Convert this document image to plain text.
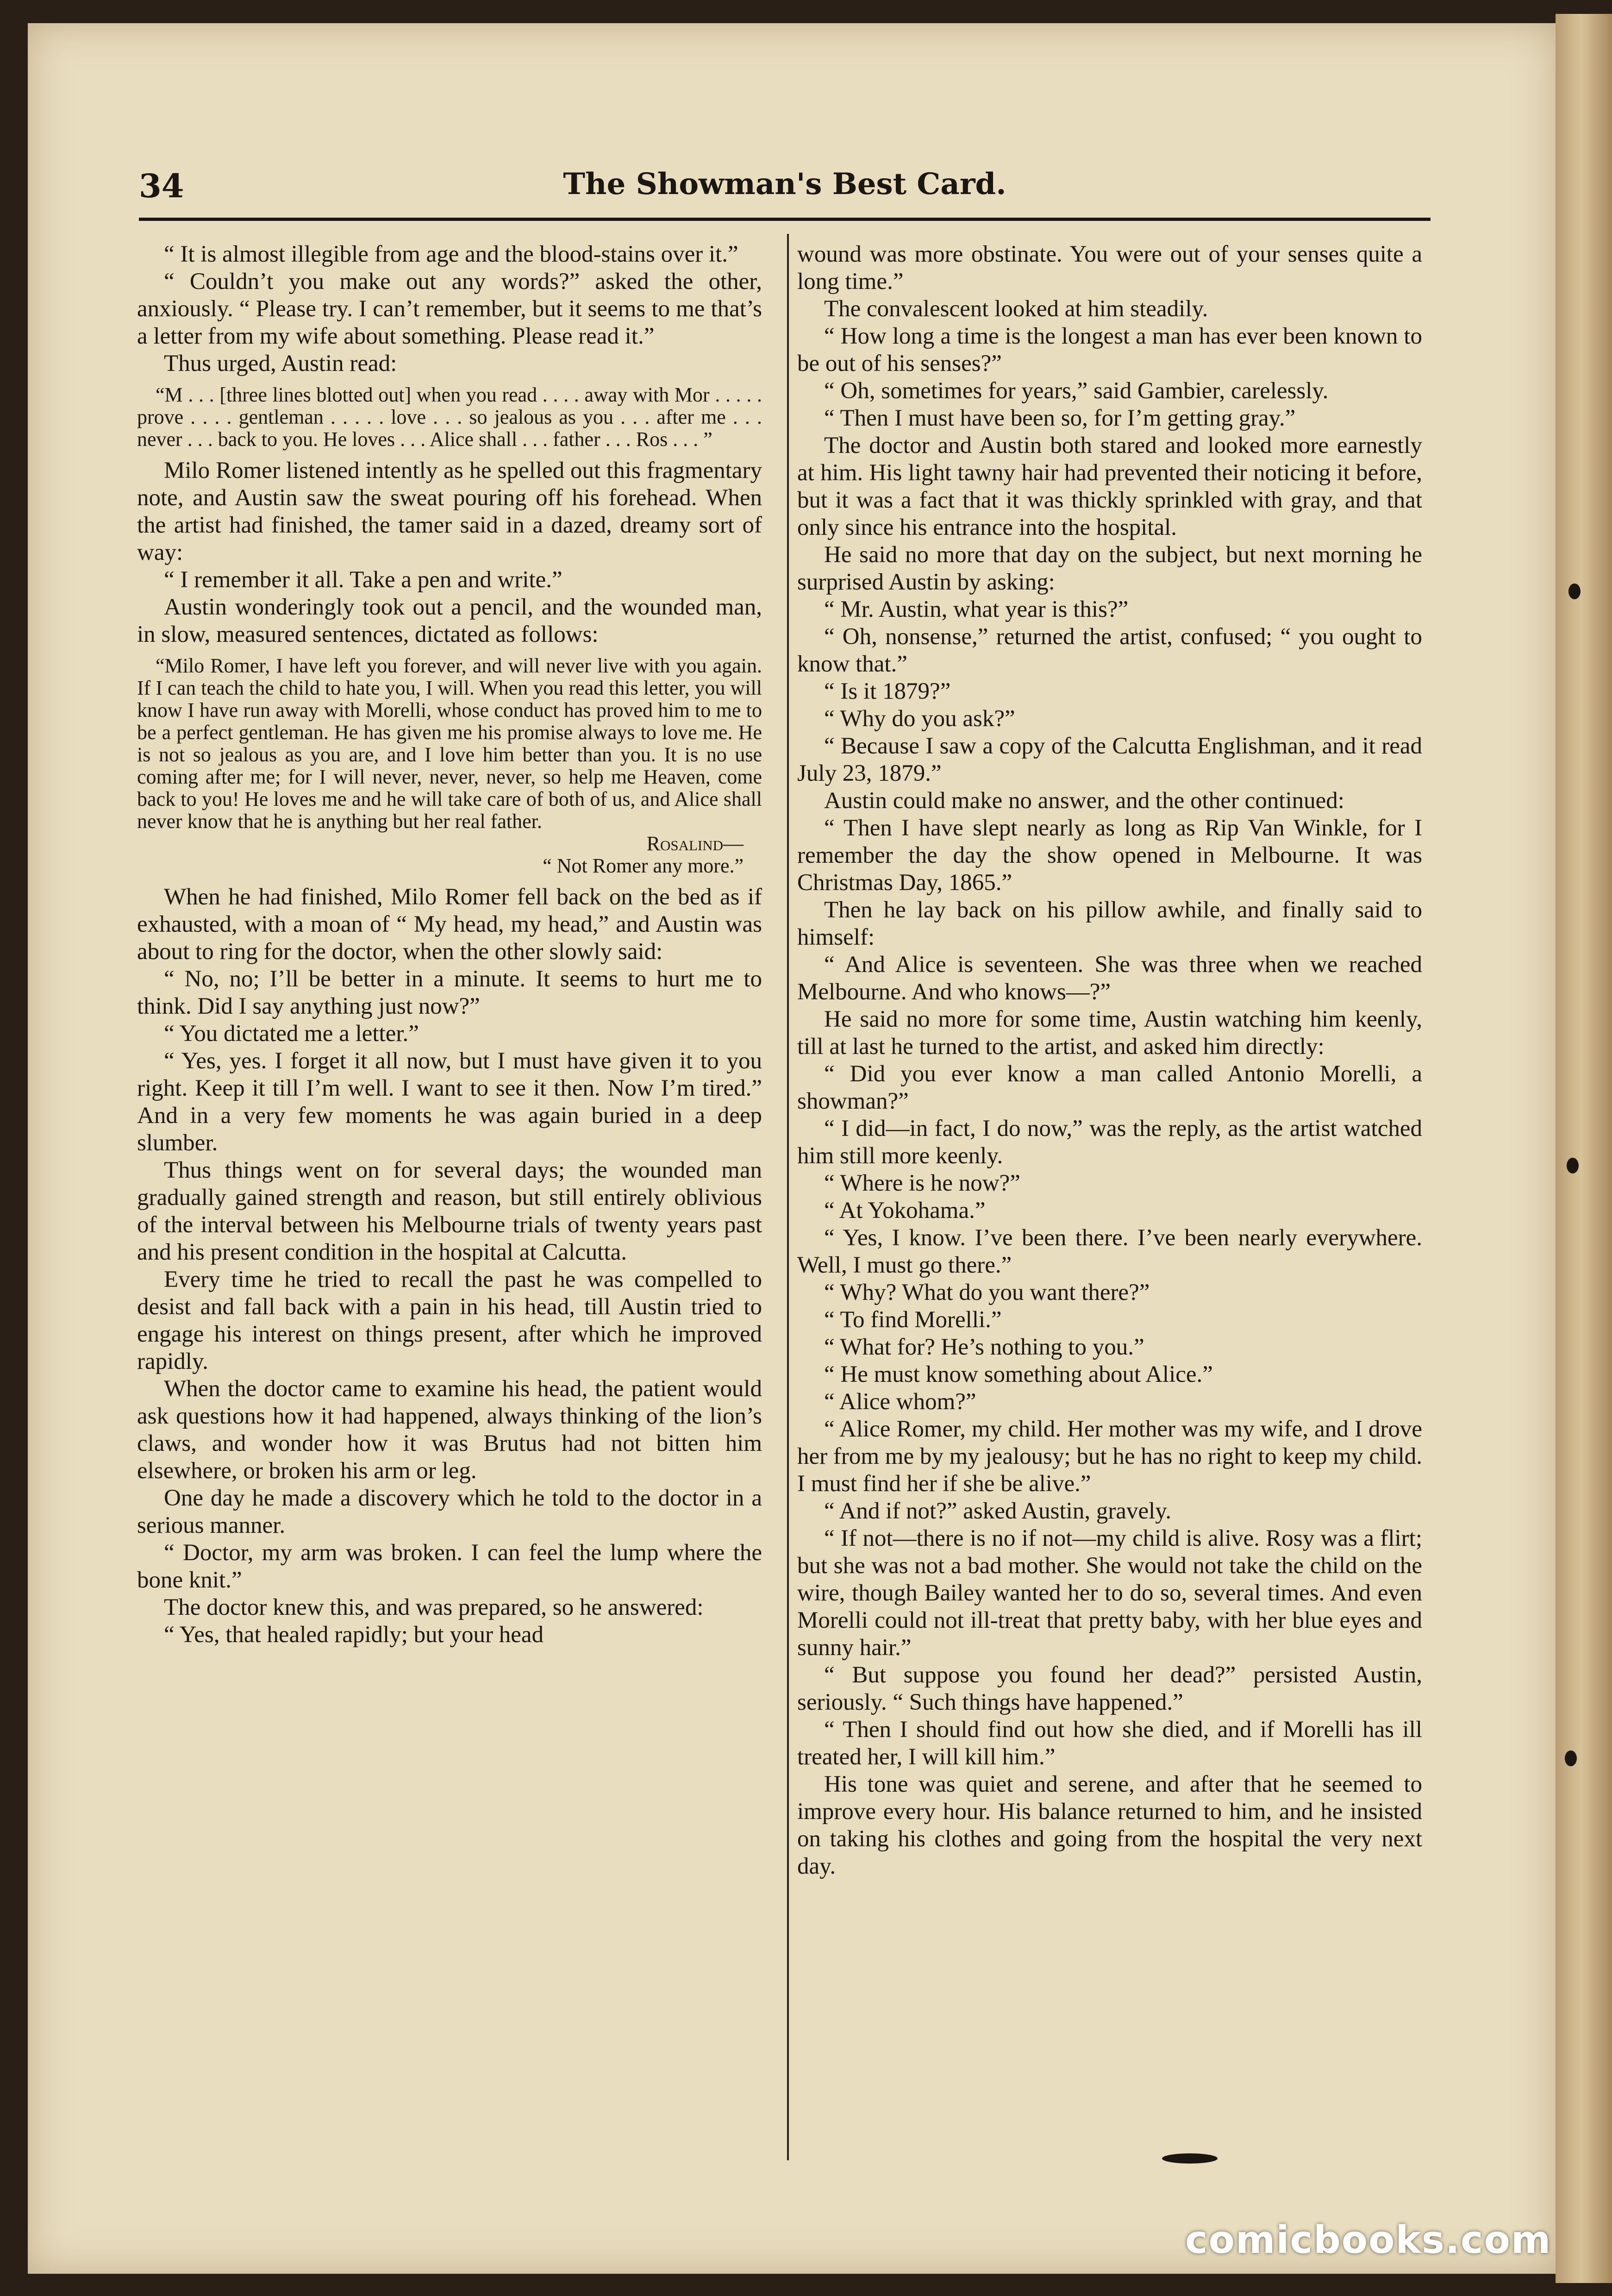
34	The Showman's Best Card.

“ It is almost illegible from age and the blood-stains over it.”

“ Couldn’t you make out any words?” asked the other, anxiously. “ Please try. I can’t remember, but it seems to me that’s a letter from my wife about something. Please read it.”

Thus urged, Austin read:

“M . . . [three lines blotted out] when you read . . . . away with Mor . . . . . prove . . . . gentleman . . . . . love . . . so jealous as you . . . after me . . . never . . . back to you. He loves . . . Alice shall . . . father . . . Ros . . . ”

Milo Romer listened intently as he spelled out this fragmentary note, and Austin saw the sweat pouring off his forehead. When the artist had finished, the tamer said in a dazed, dreamy sort of way:

“ I remember it all. Take a pen and write.”

Austin wonderingly took out a pencil, and the wounded man, in slow, measured sentences, dictated as follows:

“Milo Romer, I have left you forever, and will never live with you again. If I can teach the child to hate you, I will. When you read this letter, you will know I have run away with Morelli, whose conduct has proved him to me to be a perfect gentleman. He has given me his promise always to love me. He is not so jealous as you are, and I love him better than you. It is no use coming after me; for I will never, never, never, so help me Heaven, come back to you! He loves me and he will take care of both of us, and Alice shall never know that he is anything but her real father.

Rosalind—
“ Not Romer any more.”

When he had finished, Milo Romer fell back on the bed as if exhausted, with a moan of “ My head, my head,” and Austin was about to ring for the doctor, when the other slowly said:

“ No, no; I’ll be better in a minute. It seems to hurt me to think. Did I say anything just now?”

“ You dictated me a letter.”

“ Yes, yes. I forget it all now, but I must have given it to you right. Keep it till I’m well. I want to see it then. Now I’m tired.” And in a very few moments he was again buried in a deep slumber.

Thus things went on for several days; the wounded man gradually gained strength and reason, but still entirely oblivious of the interval between his Melbourne trials of twenty years past and his present condition in the hospital at Calcutta.

Every time he tried to recall the past he was compelled to desist and fall back with a pain in his head, till Austin tried to engage his interest on things present, after which he improved rapidly.

When the doctor came to examine his head, the patient would ask questions how it had happened, always thinking of the lion’s claws, and wonder how it was Brutus had not bitten him elsewhere, or broken his arm or leg.

One day he made a discovery which he told to the doctor in a serious manner.

“ Doctor, my arm was broken. I can feel the lump where the bone knit.”

The doctor knew this, and was prepared, so he answered:

“ Yes, that healed rapidly; but your head

wound was more obstinate. You were out of your senses quite a long time.”

The convalescent looked at him steadily.

“ How long a time is the longest a man has ever been known to be out of his senses?”

“ Oh, sometimes for years,” said Gambier, carelessly.

“ Then I must have been so, for I’m getting gray.”

The doctor and Austin both stared and looked more earnestly at him. His light tawny hair had prevented their noticing it before, but it was a fact that it was thickly sprinkled with gray, and that only since his entrance into the hospital.

He said no more that day on the subject, but next morning he surprised Austin by asking:

“ Mr. Austin, what year is this?”

“ Oh, nonsense,” returned the artist, confused; “ you ought to know that.”

“ Is it 1879?”

“ Why do you ask?”

“ Because I saw a copy of the Calcutta Englishman, and it read July 23, 1879.”

Austin could make no answer, and the other continued:

“ Then I have slept nearly as long as Rip Van Winkle, for I remember the day the show opened in Melbourne. It was Christmas Day, 1865.”

Then he lay back on his pillow awhile, and finally said to himself:

“ And Alice is seventeen. She was three when we reached Melbourne. And who knows—?”

He said no more for some time, Austin watching him keenly, till at last he turned to the artist, and asked him directly:

“ Did you ever know a man called Antonio Morelli, a showman?”

“ I did—in fact, I do now,” was the reply, as the artist watched him still more keenly.

“ Where is he now?”

“ At Yokohama.”

“ Yes, I know. I’ve been there. I’ve been nearly everywhere. Well, I must go there.”

“ Why? What do you want there?”

“ To find Morelli.”

“ What for? He’s nothing to you.”

“ He must know something about Alice.”

“ Alice whom?”

“ Alice Romer, my child. Her mother was my wife, and I drove her from me by my jealousy; but he has no right to keep my child. I must find her if she be alive.”

“ And if not?” asked Austin, gravely.

“ If not—there is no if not—my child is alive. Rosy was a flirt; but she was not a bad mother. She would not take the child on the wire, though Bailey wanted her to do so, several times. And even Morelli could not ill-treat that pretty baby, with her blue eyes and sunny hair.”

“ But suppose you found her dead?” persisted Austin, seriously. “ Such things have happened.”

“ Then I should find out how she died, and if Morelli has ill treated her, I will kill him.”

His tone was quiet and serene, and after that he seemed to improve every hour. His balance returned to him, and he insisted on taking his clothes and going from the hospital the very next day.

comicbooks.com
